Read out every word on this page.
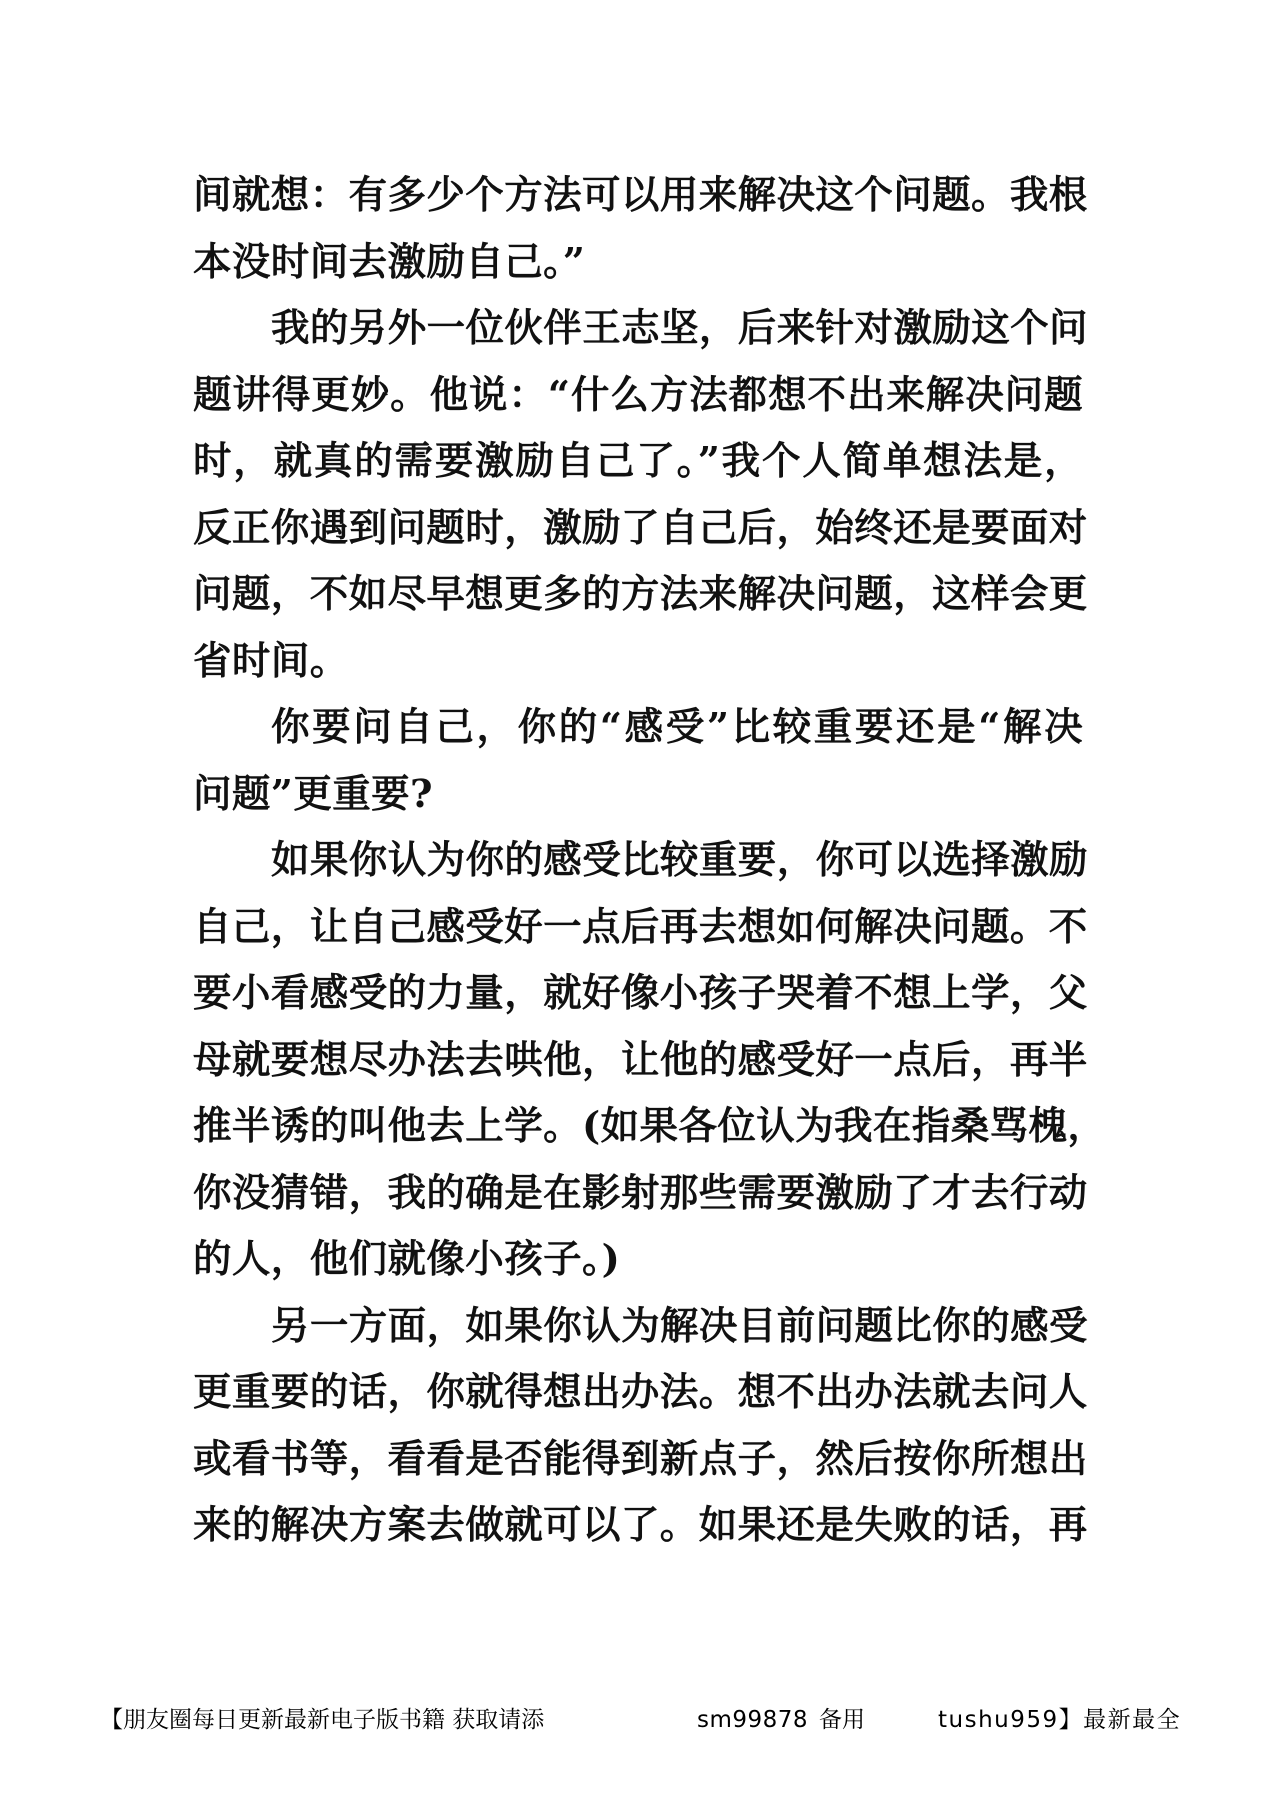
间就想：有多少个方法可以用来解决这个问题。我根
本没时间去激励自己。”
我的另外一位伙伴王志坚，后来针对激励这个问
题讲得更妙。他说：“什么方法都想不出来解决问题
时，就真的需要激励自己了。”我个人简单想法是，
反正你遇到问题时，激励了自己后，始终还是要面对
问题，不如尽早想更多的方法来解决问题，这样会更
省时间。
你要问自己，你的“感受”比较重要还是“解决
问题”更重要?
如果你认为你的感受比较重要，你可以选择激励
自己，让自己感受好一点后再去想如何解决问题。不
要小看感受的力量，就好像小孩子哭着不想上学，父
母就要想尽办法去哄他，让他的感受好一点后，再半
推半诱的叫他去上学。(如果各位认为我在指桑骂槐，
你没猜错，我的确是在影射那些需要激励了才去行动
的人，他们就像小孩子。)
另一方面，如果你认为解决目前问题比你的感受
更重要的话，你就得想出办法。想不出办法就去问人
或看书等，看看是否能得到新点子，然后按你所想出
来的解决方案去做就可以了。如果还是失败的话，再
【朋友圈每日更新最新电子版书籍 获取请添	sm99878 备用	tushu959】最新最全
